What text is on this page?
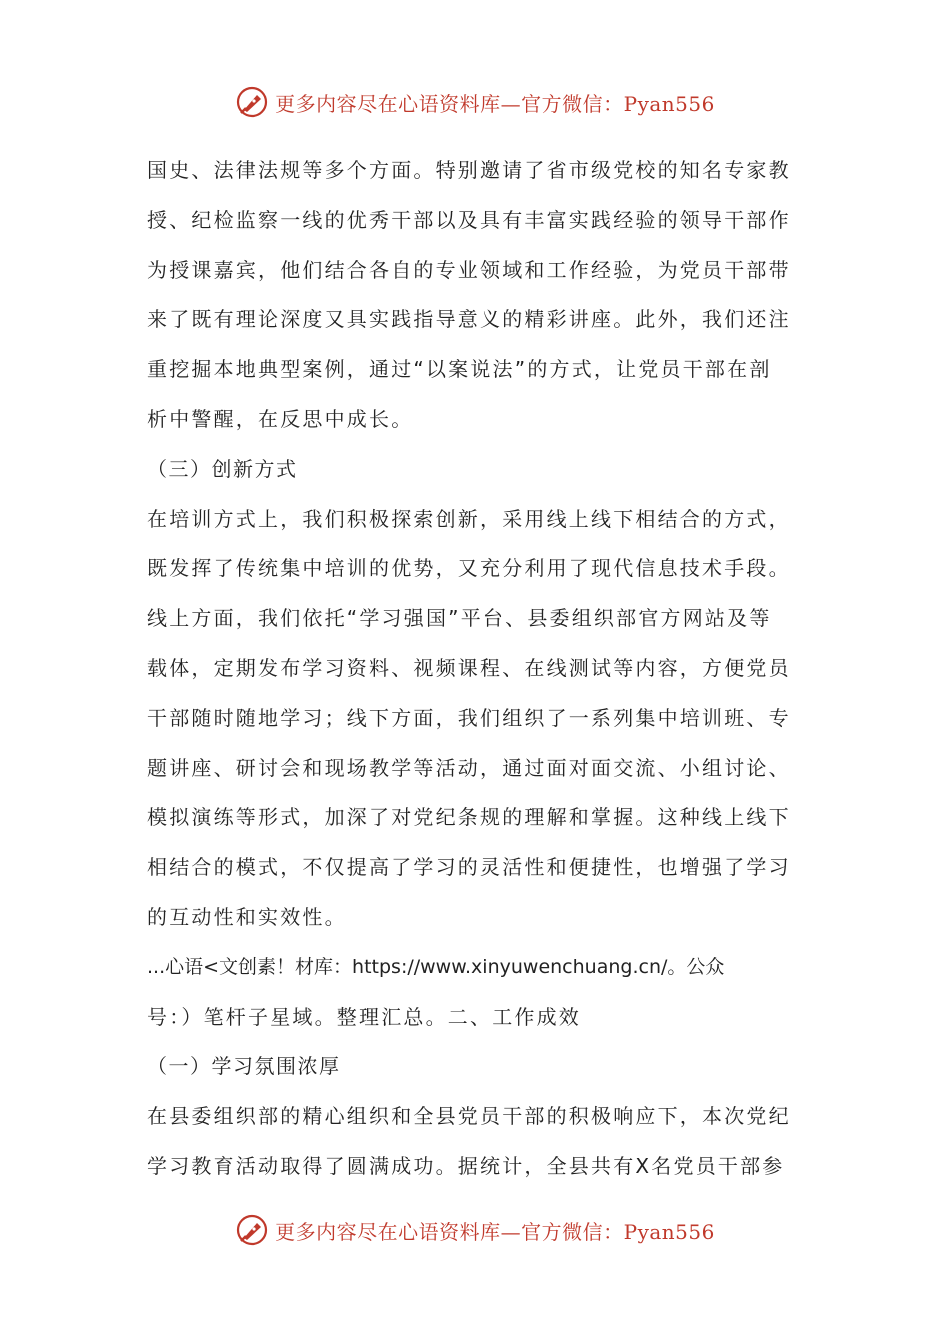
更多内容尽在心语资料库—官方微信：Pyan556
国史、法律法规等多个方面。特别邀请了省市级党校的知名专家教
授、纪检监察一线的优秀干部以及具有丰富实践经验的领导干部作
为授课嘉宾，他们结合各自的专业领域和工作经验，为党员干部带
来了既有理论深度又具实践指导意义的精彩讲座。此外，我们还注
重挖掘本地典型案例，通过“以案说法”的方式，让党员干部在剖
析中警醒，在反思中成长。
（三）创新方式
在培训方式上，我们积极探索创新，采用线上线下相结合的方式，
既发挥了传统集中培训的优势，又充分利用了现代信息技术手段。
线上方面，我们依托“学习强国”平台、县委组织部官方网站及等
载体，定期发布学习资料、视频课程、在线测试等内容，方便党员
干部随时随地学习；线下方面，我们组织了一系列集中培训班、专
题讲座、研讨会和现场教学等活动，通过面对面交流、小组讨论、
模拟演练等形式，加深了对党纪条规的理解和掌握。这种线上线下
相结合的模式，不仅提高了学习的灵活性和便捷性，也增强了学习
的互动性和实效性。
...心语<文创素！材库：https://www.xinyuwenchuang.cn/。公众
号：）笔杆子星域。整理汇总。二、工作成效
（一）学习氛围浓厚
在县委组织部的精心组织和全县党员干部的积极响应下，本次党纪
学习教育活动取得了圆满成功。据统计，全县共有X名党员干部参
更多内容尽在心语资料库—官方微信：Pyan556
